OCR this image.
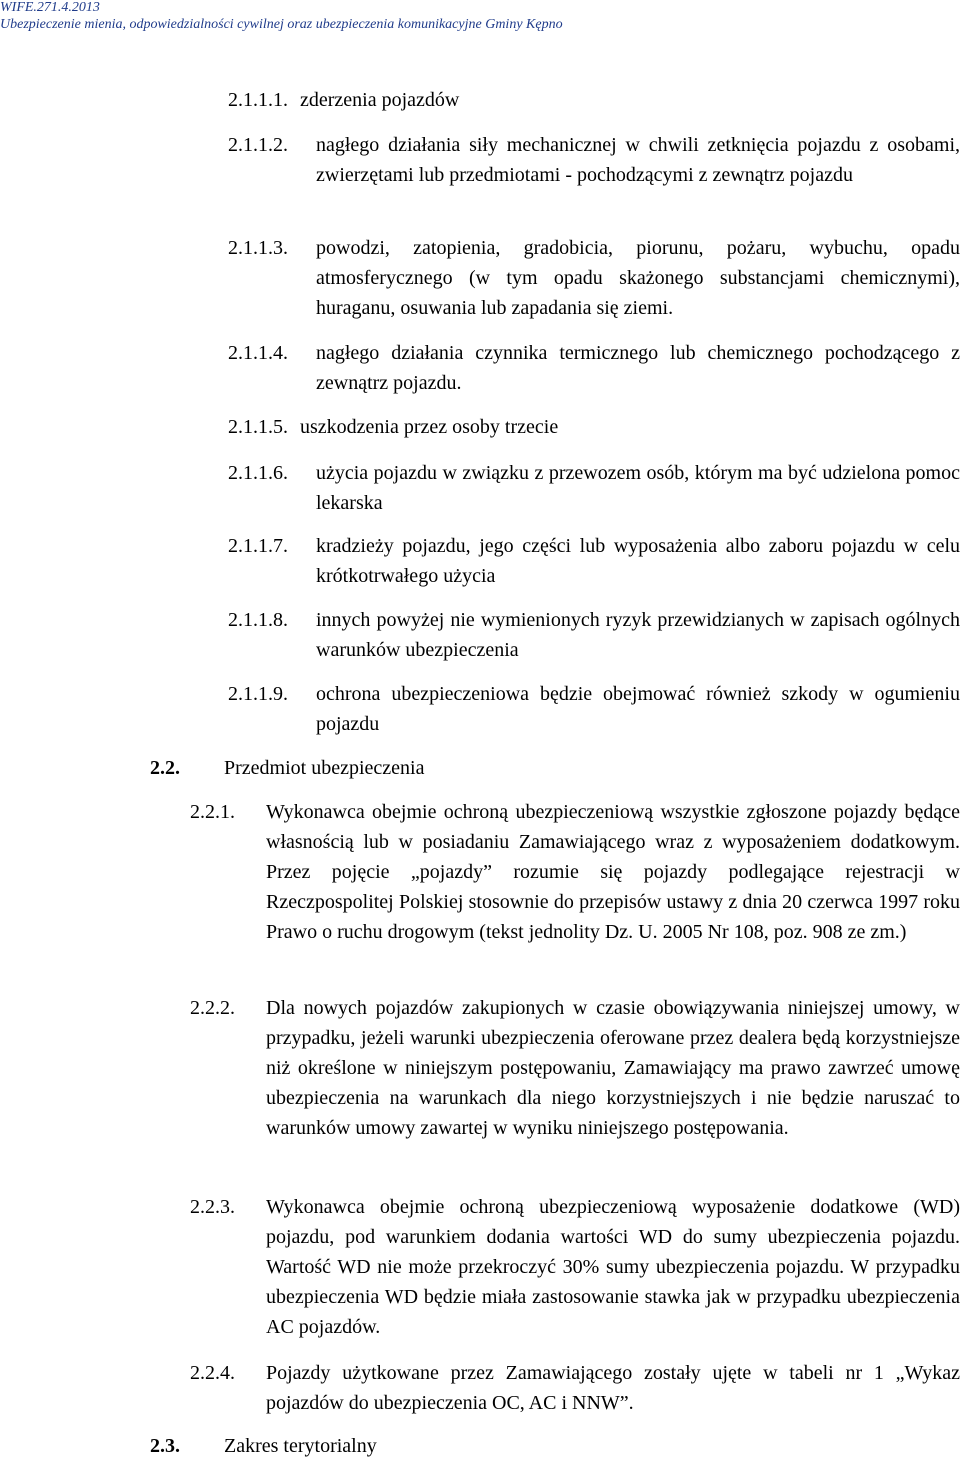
WIFE.271.4.2013
Ubezpieczenie mienia, odpowiedzialności cywilnej oraz ubezpieczenia komunikacyjne Gminy Kępno
2.1.1.1. zderzenia pojazdów
2.1.1.2. nagłego działania siły mechanicznej w chwili zetknięcia pojazdu z osobami, zwierzętami lub przedmiotami - pochodzącymi z zewnątrz pojazdu
2.1.1.3. powodzi, zatopienia, gradobicia, piorunu, pożaru, wybuchu, opadu atmosferycznego (w tym opadu skażonego substancjami chemicznymi), huraganu, osuwania lub zapadania się ziemi.
2.1.1.4. nagłego działania czynnika termicznego lub chemicznego pochodzącego z zewnątrz pojazdu.
2.1.1.5. uszkodzenia przez osoby trzecie
2.1.1.6. użycia pojazdu w związku z przewozem osób, którym ma być udzielona pomoc lekarska
2.1.1.7. kradzieży pojazdu, jego części lub wyposażenia albo zaboru pojazdu w celu krótkotrwałego użycia
2.1.1.8. innych powyżej nie wymienionych ryzyk przewidzianych w zapisach ogólnych warunków ubezpieczenia
2.1.1.9. ochrona ubezpieczeniowa będzie obejmować również szkody w ogumieniu pojazdu
2.2. Przedmiot ubezpieczenia
2.2.1. Wykonawca obejmie ochroną ubezpieczeniową wszystkie zgłoszone pojazdy będące własnością lub w posiadaniu Zamawiającego wraz z wyposażeniem dodatkowym. Przez pojęcie „pojazdy” rozumie się pojazdy podlegające rejestracji w Rzeczpospolitej Polskiej stosownie do przepisów ustawy z dnia 20 czerwca 1997 roku Prawo o ruchu drogowym (tekst jednolity Dz. U. 2005 Nr 108, poz. 908 ze zm.)
2.2.2. Dla nowych pojazdów zakupionych w czasie obowiązywania niniejszej umowy, w przypadku, jeżeli warunki ubezpieczenia oferowane przez dealera będą korzystniejsze niż określone w niniejszym postępowaniu, Zamawiający ma prawo zawrzeć umowę ubezpieczenia na warunkach dla niego korzystniejszych i nie będzie naruszać to warunków umowy zawartej w wyniku niniejszego postępowania.
2.2.3. Wykonawca obejmie ochroną ubezpieczeniową wyposażenie dodatkowe (WD) pojazdu, pod warunkiem dodania wartości WD do sumy ubezpieczenia pojazdu. Wartość WD nie może przekroczyć 30% sumy ubezpieczenia pojazdu. W przypadku ubezpieczenia WD będzie miała zastosowanie stawka jak w przypadku ubezpieczenia AC pojazdów.
2.2.4. Pojazdy użytkowane przez Zamawiającego zostały ujęte w tabeli nr 1 „Wykaz pojazdów do ubezpieczenia OC, AC i NNW”.
2.3. Zakres terytorialny
